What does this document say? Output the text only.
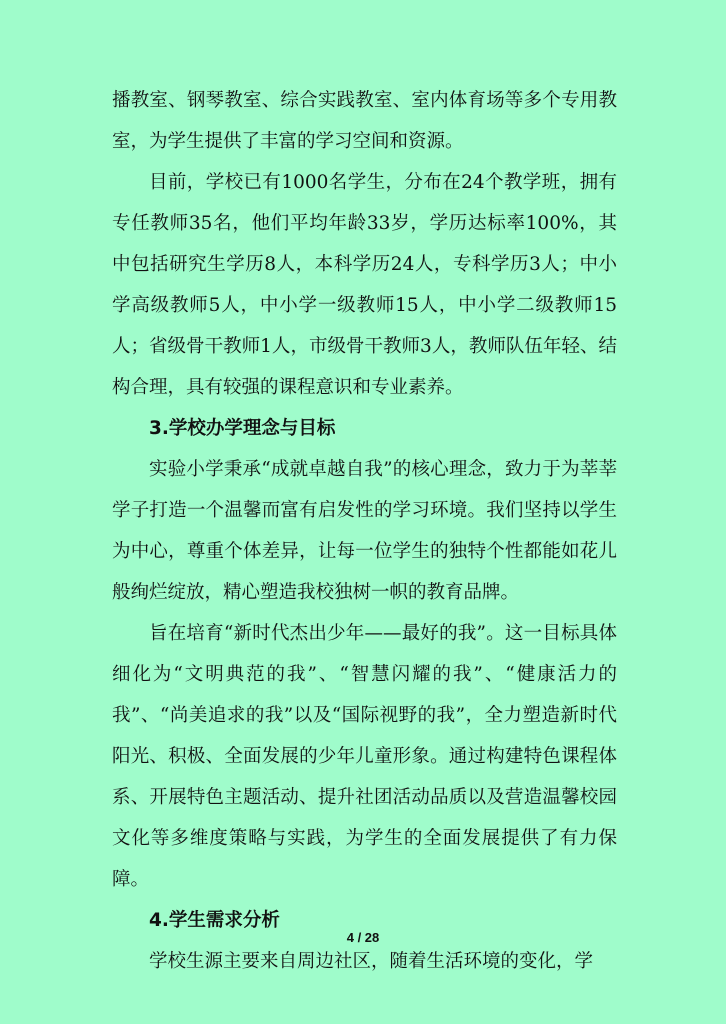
播教室、钢琴教室、综合实践教室、室内体育场等多个专用教室，为学生提供了丰富的学习空间和资源。

目前，学校已有1000名学生，分布在24个教学班，拥有专任教师35名，他们平均年龄33岁，学历达标率100%，其中包括研究生学历8人，本科学历24人，专科学历3人；中小学高级教师5人，中小学一级教师15人，中小学二级教师15人；省级骨干教师1人，市级骨干教师3人，教师队伍年轻、结构合理，具有较强的课程意识和专业素养。

3.学校办学理念与目标

实验小学秉承“成就卓越自我”的核心理念，致力于为莘莘学子打造一个温馨而富有启发性的学习环境。我们坚持以学生为中心，尊重个体差异，让每一位学生的独特个性都能如花儿般绚烂绽放，精心塑造我校独树一帜的教育品牌。

旨在培育“新时代杰出少年——最好的我”。这一目标具体细化为“文明典范的我”、“智慧闪耀的我”、“健康活力的我”、“尚美追求的我”以及“国际视野的我”，全力塑造新时代阳光、积极、全面发展的少年儿童形象。通过构建特色课程体系、开展特色主题活动、提升社团活动品质以及营造温馨校园文化等多维度策略与实践，为学生的全面发展提供了有力保障。

4.学生需求分析

学校生源主要来自周边社区，随着生活环境的变化，学

4 / 28
